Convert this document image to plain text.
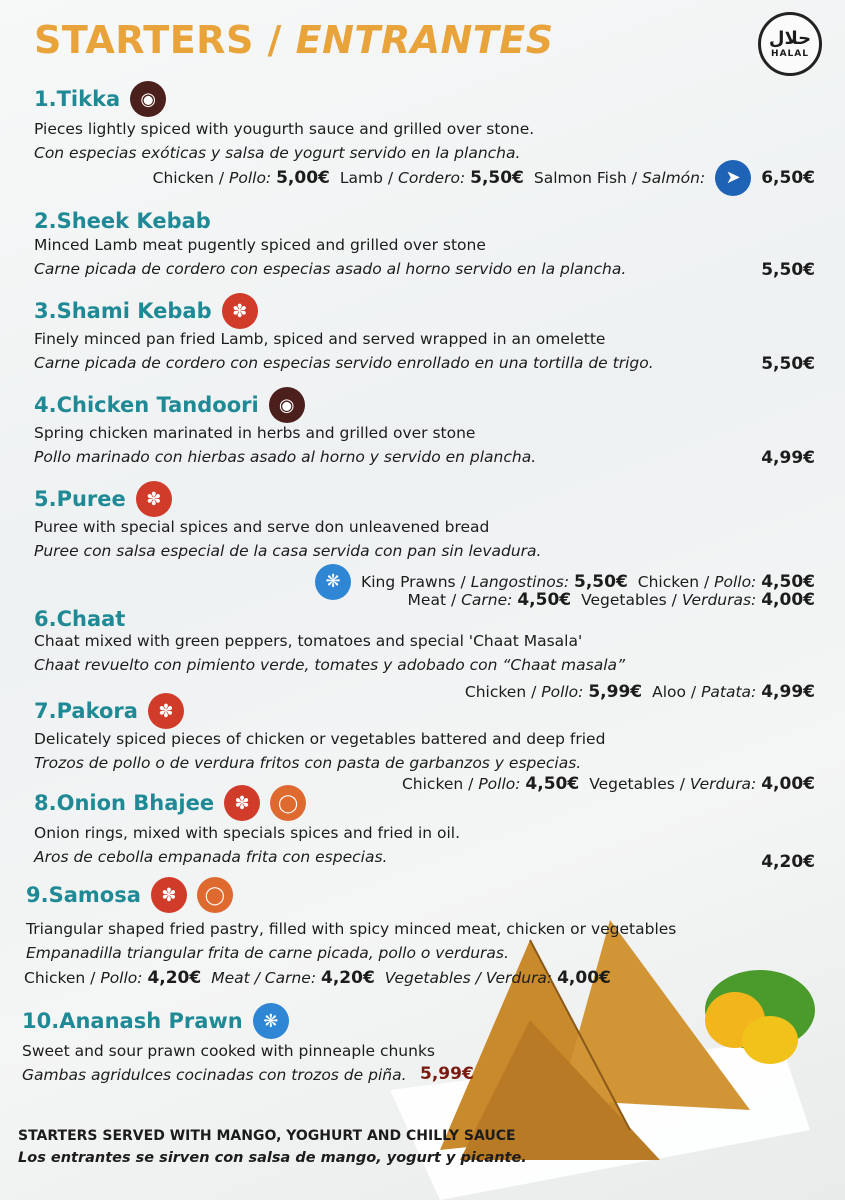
STARTERS / ENTRANTES	حلال
HALAL
1.Tikka	◉
Pieces lightly spiced with yougurth sauce and grilled over stone.
Con especias exóticas y salsa de yogurt servido en la plancha.
Chicken / Pollo: 5,00€ Lamb / Cordero: 5,50€ Salmon Fish / Salmón:	➤	6,50€
2.Sheek Kebab
Minced Lamb meat pugently spiced and grilled over stone
Carne picada de cordero con especias asado al horno servido en la plancha.	5,50€
3.Shami Kebab	✽
Finely minced pan fried Lamb, spiced and served wrapped in an omelette
Carne picada de cordero con especias servido enrollado en una tortilla de trigo.	5,50€
4.Chicken Tandoori	◉
Spring chicken marinated in herbs and grilled over stone
Pollo marinado con hierbas asado al horno y servido en plancha.	4,99€
5.Puree	✽
Puree with special spices and serve don unleavened bread
Puree con salsa especial de la casa servida con pan sin levadura.
❋	King Prawns / Langostinos: 5,50€ Chicken / Pollo: 4,50€
Meat / Carne: 4,50€ Vegetables / Verduras: 4,00€
6.Chaat
Chaat mixed with green peppers, tomatoes and special 'Chaat Masala'
Chaat revuelto con pimiento verde, tomates y adobado con “Chaat masala”
Chicken / Pollo: 5,99€ Aloo / Patata: 4,99€
7.Pakora	✽
Delicately spiced pieces of chicken or vegetables battered and deep fried
Trozos de pollo o de verdura fritos con pasta de garbanzos y especias.
Chicken / Pollo: 4,50€ Vegetables / Verdura: 4,00€
8.Onion Bhajee	✽	◯
Onion rings, mixed with specials spices and fried in oil.
Aros de cebolla empanada frita con especias.	4,20€
9.Samosa	✽	◯
Triangular shaped fried pastry, filled with spicy minced meat, chicken or vegetables
Empanadilla triangular frita de carne picada, pollo o verduras.
Chicken / Pollo: 4,20€ Meat / Carne: 4,20€ Vegetables / Verdura: 4,00€
10.Ananash Prawn	❋
Sweet and sour prawn cooked with pinneaple chunks
Gambas agridulces cocinadas con trozos de piña. 5,99€
STARTERS SERVED WITH MANGO, YOGHURT AND CHILLY SAUCE
Los entrantes se sirven con salsa de mango, yogurt y picante.
